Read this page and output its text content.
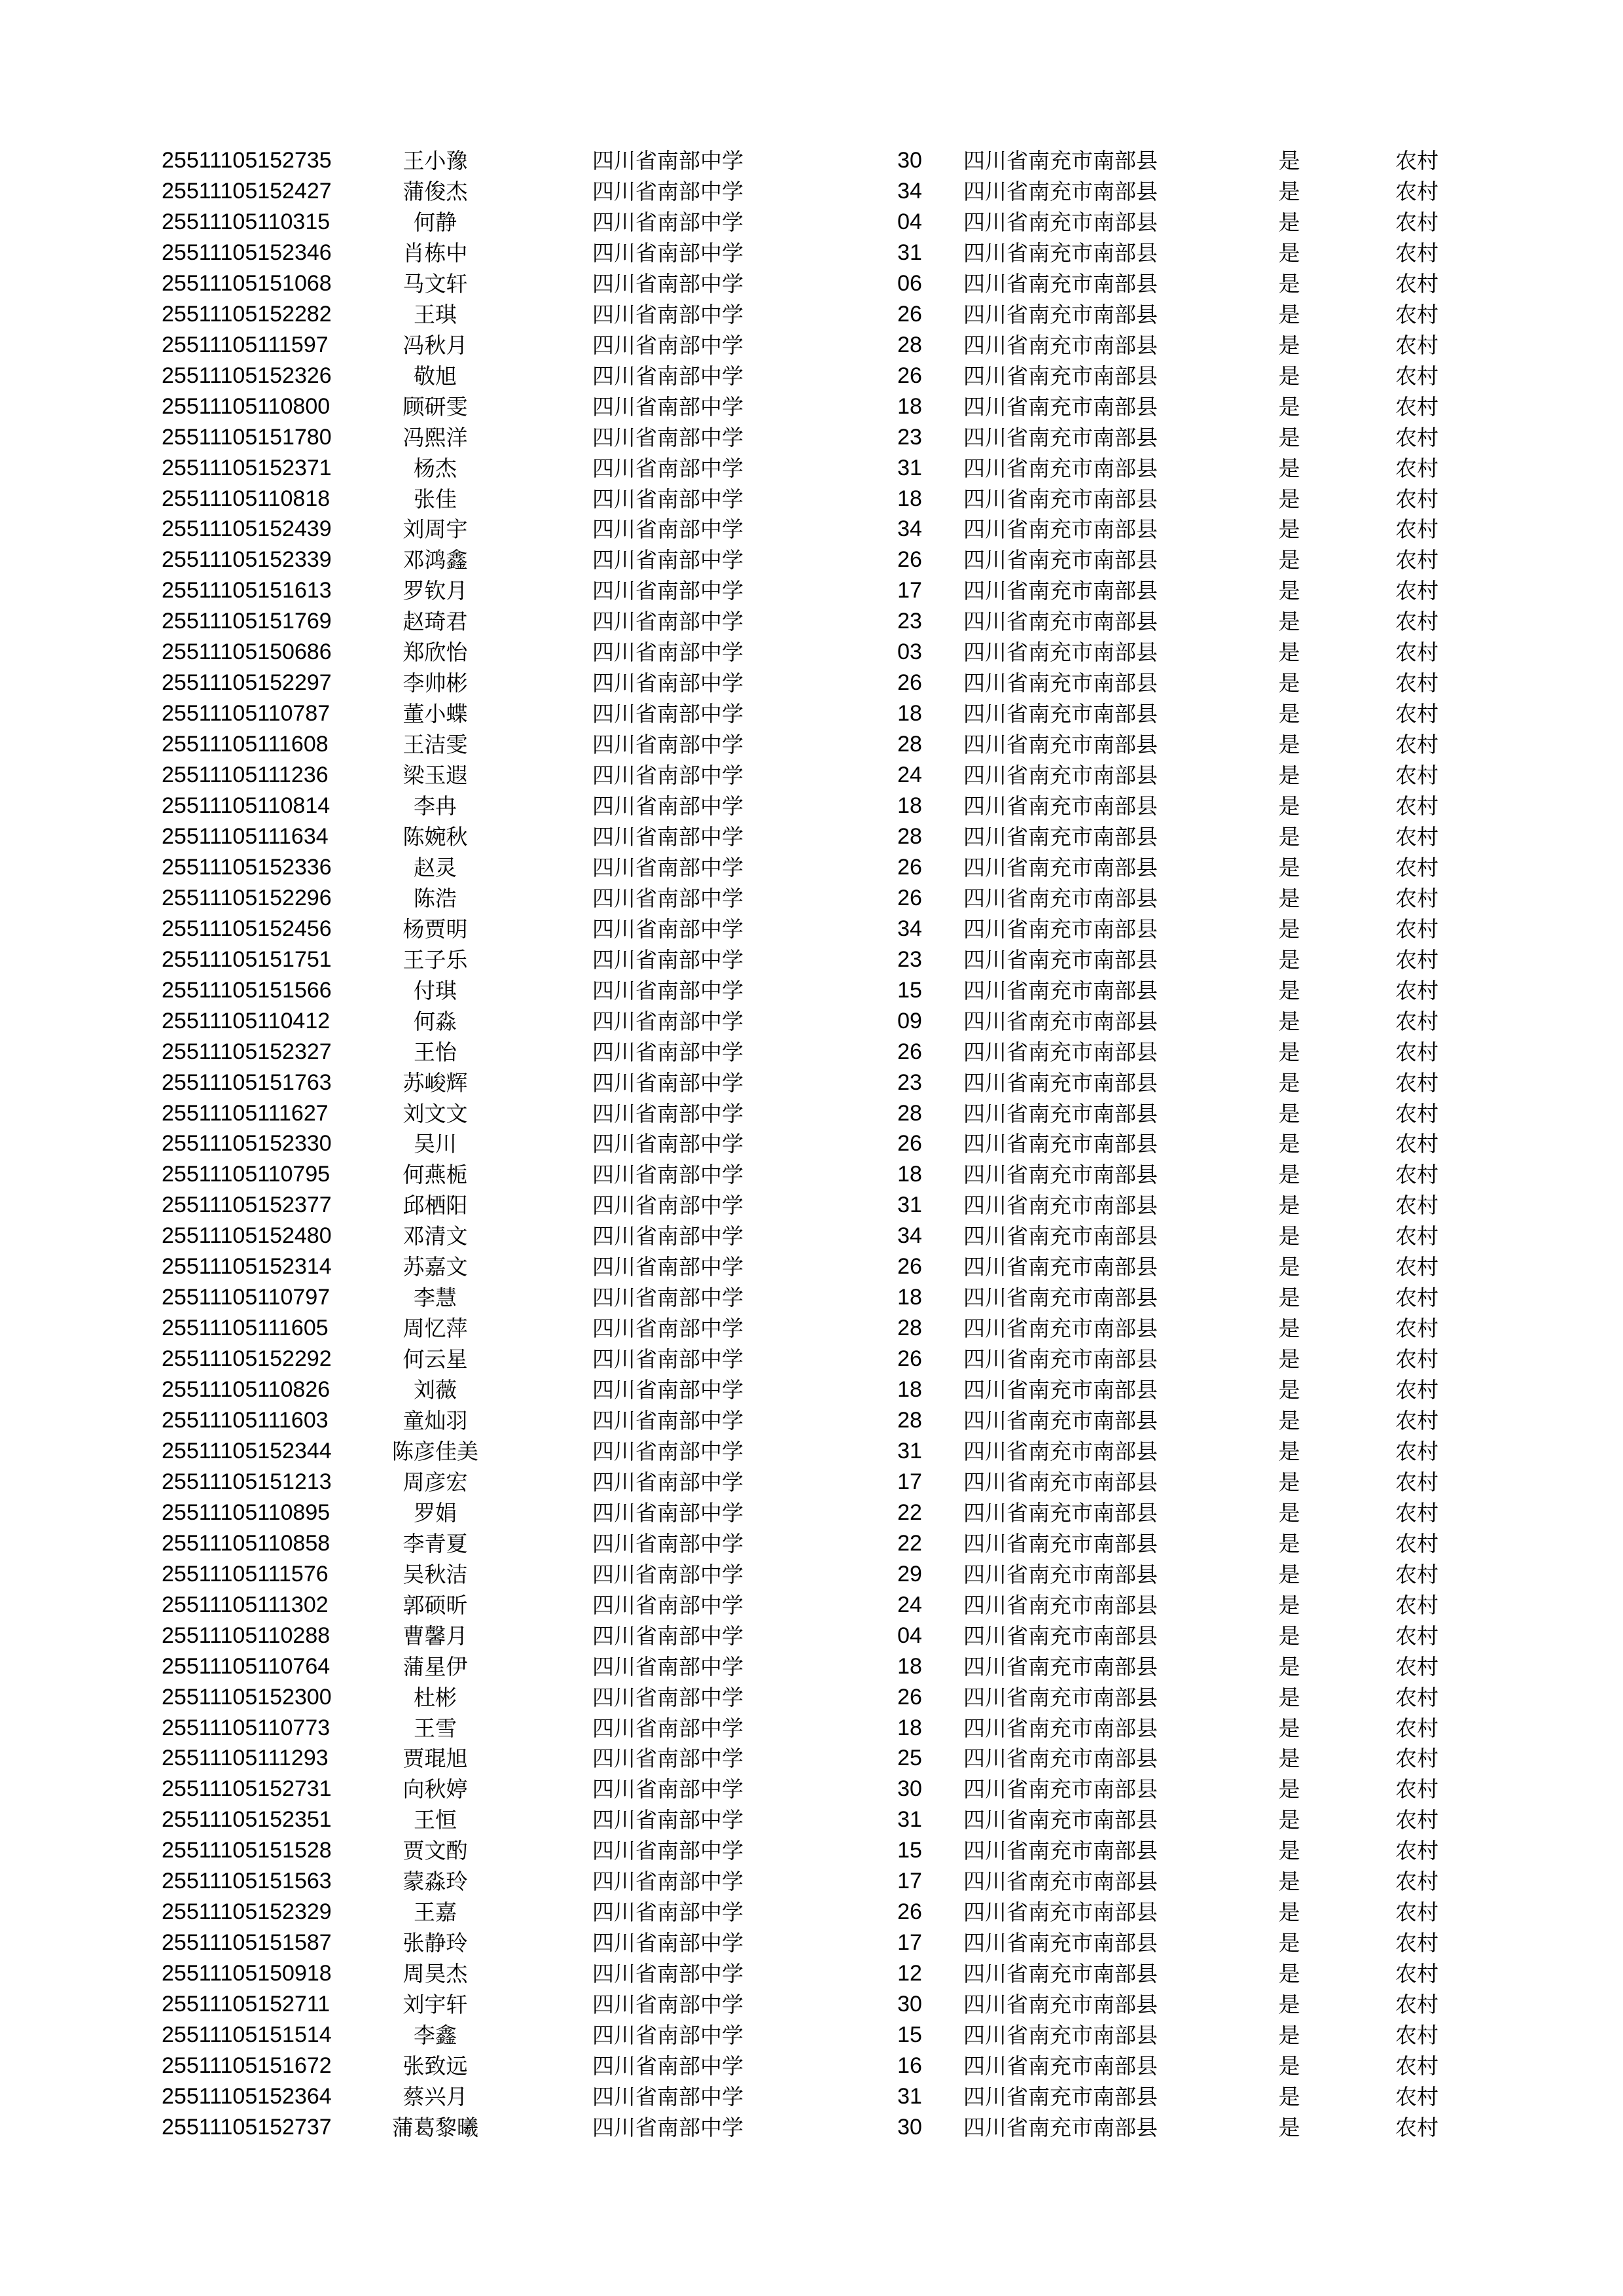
25511105152735	王小豫	四川省南部中学	30	四川省南充市南部县	是	农村
25511105152427	蒲俊杰	四川省南部中学	34	四川省南充市南部县	是	农村
25511105110315	何静	四川省南部中学	04	四川省南充市南部县	是	农村
25511105152346	肖栋中	四川省南部中学	31	四川省南充市南部县	是	农村
25511105151068	马文轩	四川省南部中学	06	四川省南充市南部县	是	农村
25511105152282	王琪	四川省南部中学	26	四川省南充市南部县	是	农村
25511105111597	冯秋月	四川省南部中学	28	四川省南充市南部县	是	农村
25511105152326	敬旭	四川省南部中学	26	四川省南充市南部县	是	农村
25511105110800	顾研雯	四川省南部中学	18	四川省南充市南部县	是	农村
25511105151780	冯熙洋	四川省南部中学	23	四川省南充市南部县	是	农村
25511105152371	杨杰	四川省南部中学	31	四川省南充市南部县	是	农村
25511105110818	张佳	四川省南部中学	18	四川省南充市南部县	是	农村
25511105152439	刘周宇	四川省南部中学	34	四川省南充市南部县	是	农村
25511105152339	邓鸿鑫	四川省南部中学	26	四川省南充市南部县	是	农村
25511105151613	罗钦月	四川省南部中学	17	四川省南充市南部县	是	农村
25511105151769	赵琦君	四川省南部中学	23	四川省南充市南部县	是	农村
25511105150686	郑欣怡	四川省南部中学	03	四川省南充市南部县	是	农村
25511105152297	李帅彬	四川省南部中学	26	四川省南充市南部县	是	农村
25511105110787	董小蝶	四川省南部中学	18	四川省南充市南部县	是	农村
25511105111608	王洁雯	四川省南部中学	28	四川省南充市南部县	是	农村
25511105111236	梁玉遐	四川省南部中学	24	四川省南充市南部县	是	农村
25511105110814	李冉	四川省南部中学	18	四川省南充市南部县	是	农村
25511105111634	陈婉秋	四川省南部中学	28	四川省南充市南部县	是	农村
25511105152336	赵灵	四川省南部中学	26	四川省南充市南部县	是	农村
25511105152296	陈浩	四川省南部中学	26	四川省南充市南部县	是	农村
25511105152456	杨贾明	四川省南部中学	34	四川省南充市南部县	是	农村
25511105151751	王子乐	四川省南部中学	23	四川省南充市南部县	是	农村
25511105151566	付琪	四川省南部中学	15	四川省南充市南部县	是	农村
25511105110412	何淼	四川省南部中学	09	四川省南充市南部县	是	农村
25511105152327	王怡	四川省南部中学	26	四川省南充市南部县	是	农村
25511105151763	苏峻辉	四川省南部中学	23	四川省南充市南部县	是	农村
25511105111627	刘文文	四川省南部中学	28	四川省南充市南部县	是	农村
25511105152330	吴川	四川省南部中学	26	四川省南充市南部县	是	农村
25511105110795	何燕栀	四川省南部中学	18	四川省南充市南部县	是	农村
25511105152377	邱栖阳	四川省南部中学	31	四川省南充市南部县	是	农村
25511105152480	邓清文	四川省南部中学	34	四川省南充市南部县	是	农村
25511105152314	苏嘉文	四川省南部中学	26	四川省南充市南部县	是	农村
25511105110797	李慧	四川省南部中学	18	四川省南充市南部县	是	农村
25511105111605	周忆萍	四川省南部中学	28	四川省南充市南部县	是	农村
25511105152292	何云星	四川省南部中学	26	四川省南充市南部县	是	农村
25511105110826	刘薇	四川省南部中学	18	四川省南充市南部县	是	农村
25511105111603	童灿羽	四川省南部中学	28	四川省南充市南部县	是	农村
25511105152344	陈彦佳美	四川省南部中学	31	四川省南充市南部县	是	农村
25511105151213	周彦宏	四川省南部中学	17	四川省南充市南部县	是	农村
25511105110895	罗娟	四川省南部中学	22	四川省南充市南部县	是	农村
25511105110858	李青夏	四川省南部中学	22	四川省南充市南部县	是	农村
25511105111576	吴秋洁	四川省南部中学	29	四川省南充市南部县	是	农村
25511105111302	郭硕昕	四川省南部中学	24	四川省南充市南部县	是	农村
25511105110288	曹馨月	四川省南部中学	04	四川省南充市南部县	是	农村
25511105110764	蒲星伊	四川省南部中学	18	四川省南充市南部县	是	农村
25511105152300	杜彬	四川省南部中学	26	四川省南充市南部县	是	农村
25511105110773	王雪	四川省南部中学	18	四川省南充市南部县	是	农村
25511105111293	贾琨旭	四川省南部中学	25	四川省南充市南部县	是	农村
25511105152731	向秋婷	四川省南部中学	30	四川省南充市南部县	是	农村
25511105152351	王恒	四川省南部中学	31	四川省南充市南部县	是	农村
25511105151528	贾文酌	四川省南部中学	15	四川省南充市南部县	是	农村
25511105151563	蒙淼玲	四川省南部中学	17	四川省南充市南部县	是	农村
25511105152329	王嘉	四川省南部中学	26	四川省南充市南部县	是	农村
25511105151587	张静玲	四川省南部中学	17	四川省南充市南部县	是	农村
25511105150918	周昊杰	四川省南部中学	12	四川省南充市南部县	是	农村
25511105152711	刘宇轩	四川省南部中学	30	四川省南充市南部县	是	农村
25511105151514	李鑫	四川省南部中学	15	四川省南充市南部县	是	农村
25511105151672	张致远	四川省南部中学	16	四川省南充市南部县	是	农村
25511105152364	蔡兴月	四川省南部中学	31	四川省南充市南部县	是	农村
25511105152737	蒲葛黎曦	四川省南部中学	30	四川省南充市南部县	是	农村
